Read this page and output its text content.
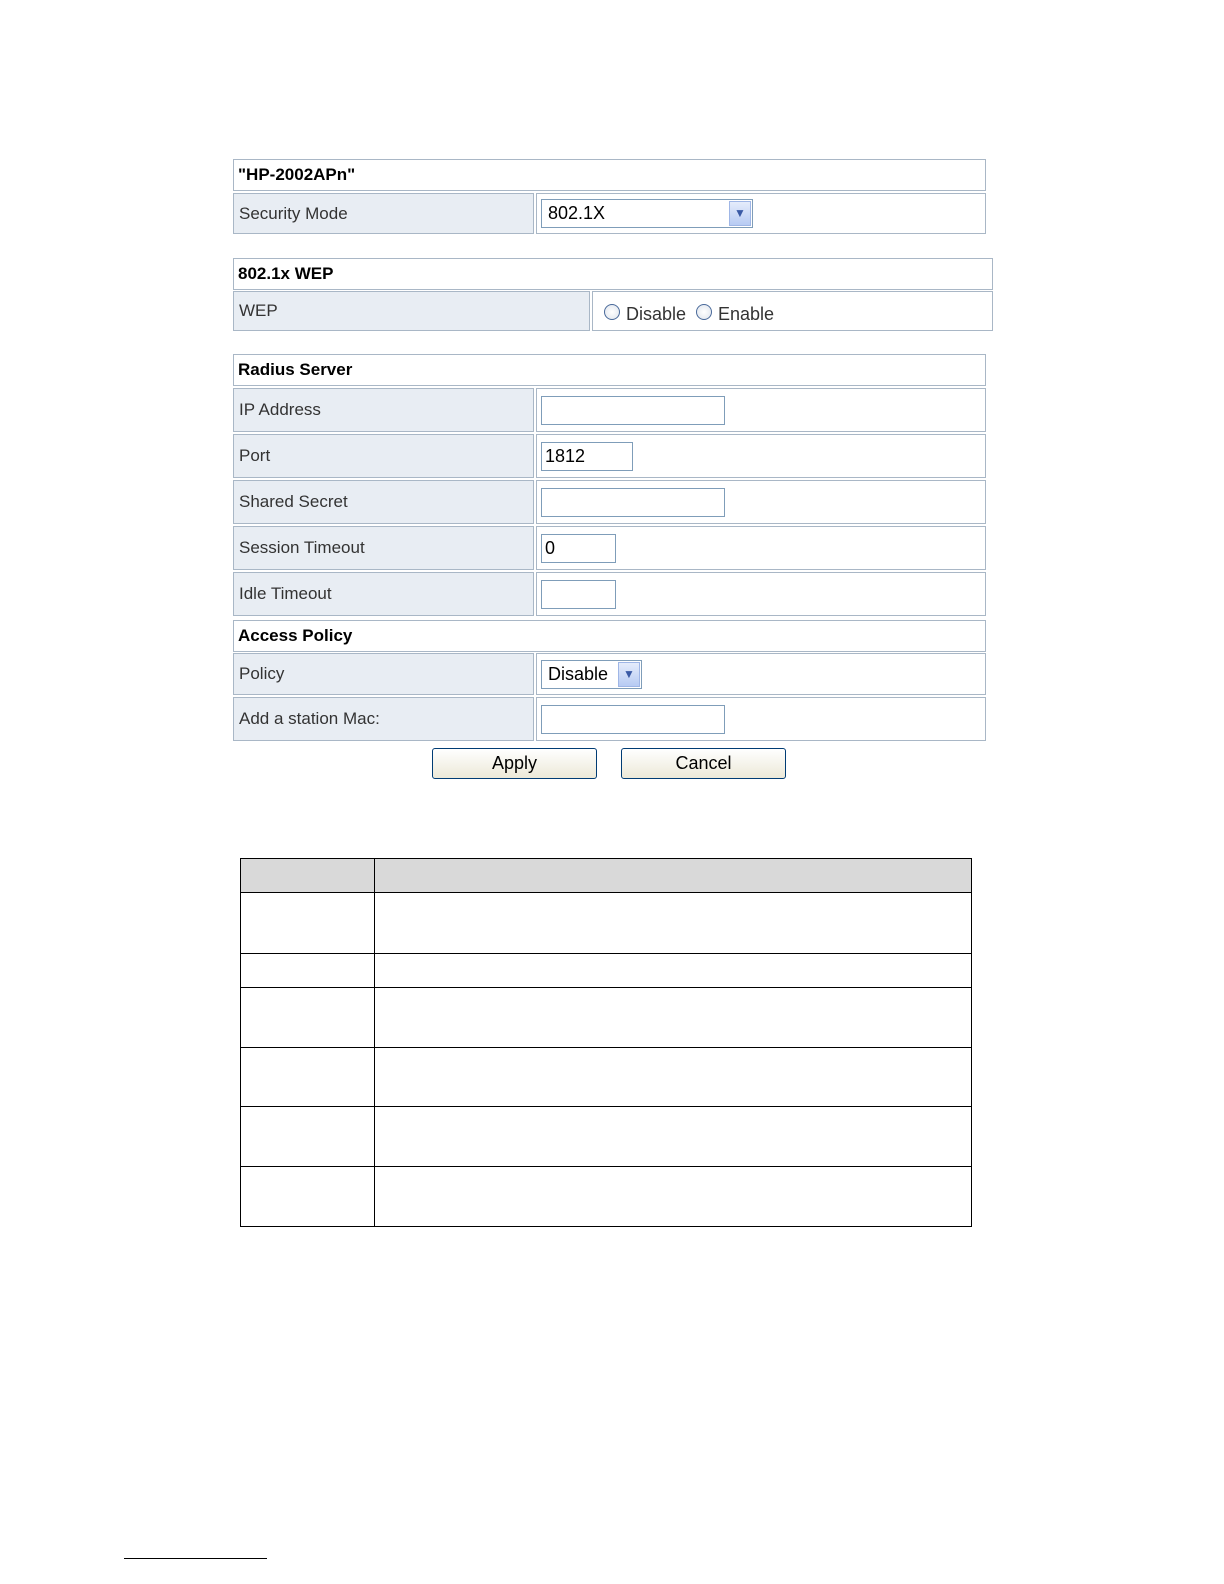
"HP-2002APn"
Security Mode	802.1X	▼
802.1x WEP
WEP	Disable Enable
Radius Server
IP Address
Port	1812
Shared Secret
Session Timeout	0
Idle Timeout
Access Policy
Policy	Disable	▼
Add a station Mac:
Apply	Cancel
